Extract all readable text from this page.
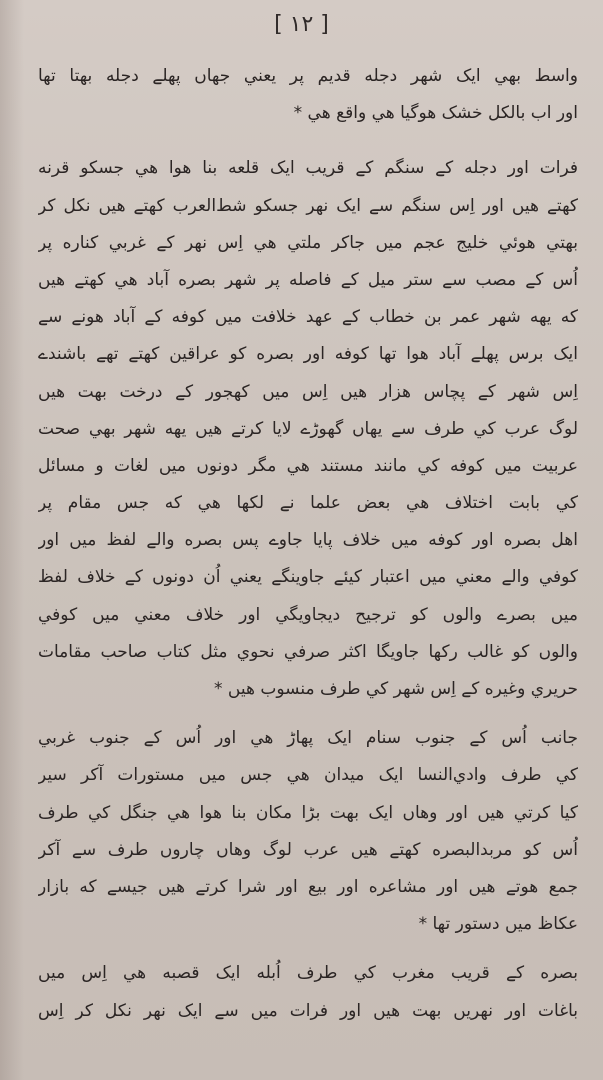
[ ۱۲ ]
واسط بھي ايک شهر دجله قديم پر يعني جهاں پهلے دجله بهتا تها
اور اب بالکل خشک هوگيا هي واقع هي *
فرات اور دجله کے سنگم کے قريب ايک قلعه بنا هوا هي جسکو قرنه
کهتے هيں اور اِس سنگم سے ايک نهر جسکو شط‌العرب کهتے هيں نکل کر
بهتي هوئي خليج عجم ميں جاکر ملتي هي اِس نهر کے غربي کناره پر
اُس کے مصب سے ستر ميل کے فاصله پر شهر بصره آباد هي کهتے هيں
که يهه شهر عمر بن خطاب کے عهد خلافت ميں کوفه کے آباد هونے سے
ايک برس پهلے آباد هوا تها کوفه اور بصره کو عراقين کهتے تهے باشندے
اِس شهر کے پچاس هزار هيں اِس ميں کهجور کے درخت بهت هيں
لوگ عرب کي طرف سے يهاں گهوڑے لايا کرتے هيں يهه شهر بهي صحت
عربيت ميں کوفه کي مانند مستند هي مگر دونوں ميں لغات و مسائل
کي بابت اختلاف هي بعض علما نے لکها هي که جس مقام پر
اهل بصره اور کوفه ميں خلاف پايا جاوے پس بصره والے لفظ ميں اور
کوفي والے معني ميں اعتبار کيئے جاوينگے يعني اُن دونوں کے خلاف لفظ
ميں بصرے والوں کو ترجيح ديجاويگي اور خلاف معني ميں کوفي
والوں کو غالب رکها جاويگا اکثر صرفي نحوي مثل کتاب صاحب مقامات
حريري وغيره کے اِس شهر کي طرف منسوب هيں *
جانب اُس کے جنوب سنام ايک پهاڑ هي اور اُس کے جنوب غربي
کي طرف وادي‌النسا ايک ميدان هي جس ميں مستورات آکر سير
کيا کرتي هيں اور وهاں ايک بهت بڑا مکان بنا هوا هي جنگل کي طرف
اُس کو مربدالبصره کهتے هيں عرب لوگ وهاں چاروں طرف سے آکر
جمع هوتے هيں اور مشاعره اور بيع اور شرا کرتے هيں جيسے که بازار
عکاظ ميں دستور تها *
بصره کے قريب مغرب کي طرف اُبله ايک قصبه هي اِس ميں
باغات اور نهريں بهت هيں اور فرات ميں سے ايک نهر نکل کر اِس
